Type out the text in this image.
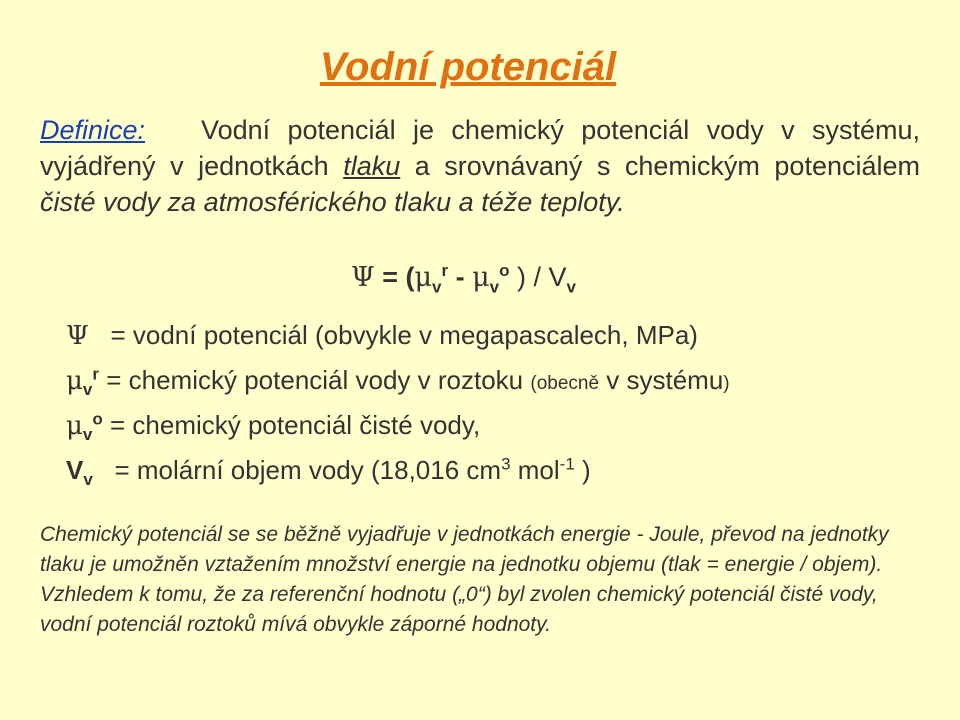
Vodní potenciál

Definice: Vodní potenciál je chemický potenciál vody v systému, vyjádřený v jednotkách tlaku a srovnávaný s chemickým potenciálem čisté vody za atmosférického tlaku a téže teploty.

$\Psi = (\mu_v^r - \mu_v^o$ ) / $V_v$
Ψ = vodní potenciál (obvykle v megapascalech, MPa)
$\mu_v^r$ = chemický potenciál vody v roztoku (obecně v systému)
$\mu_v^o$ = chemický potenciál čisté vody,
$V_v$ = molární objem vody (18,016 $cm^3$ mol$^{-1}$ )

Chemický potenciál se se běžně vyjadřuje v jednotkách energie - Joule, převod na jednotky tlaku je umožněn vztažením množství energie na jednotku objemu (tlak = energie / objem). Vzhledem k tomu, že za referenční hodnotu („0“) byl zvolen chemický potenciál čisté vody, vodní potenciál roztoků mívá obvykle záporné hodnoty.
